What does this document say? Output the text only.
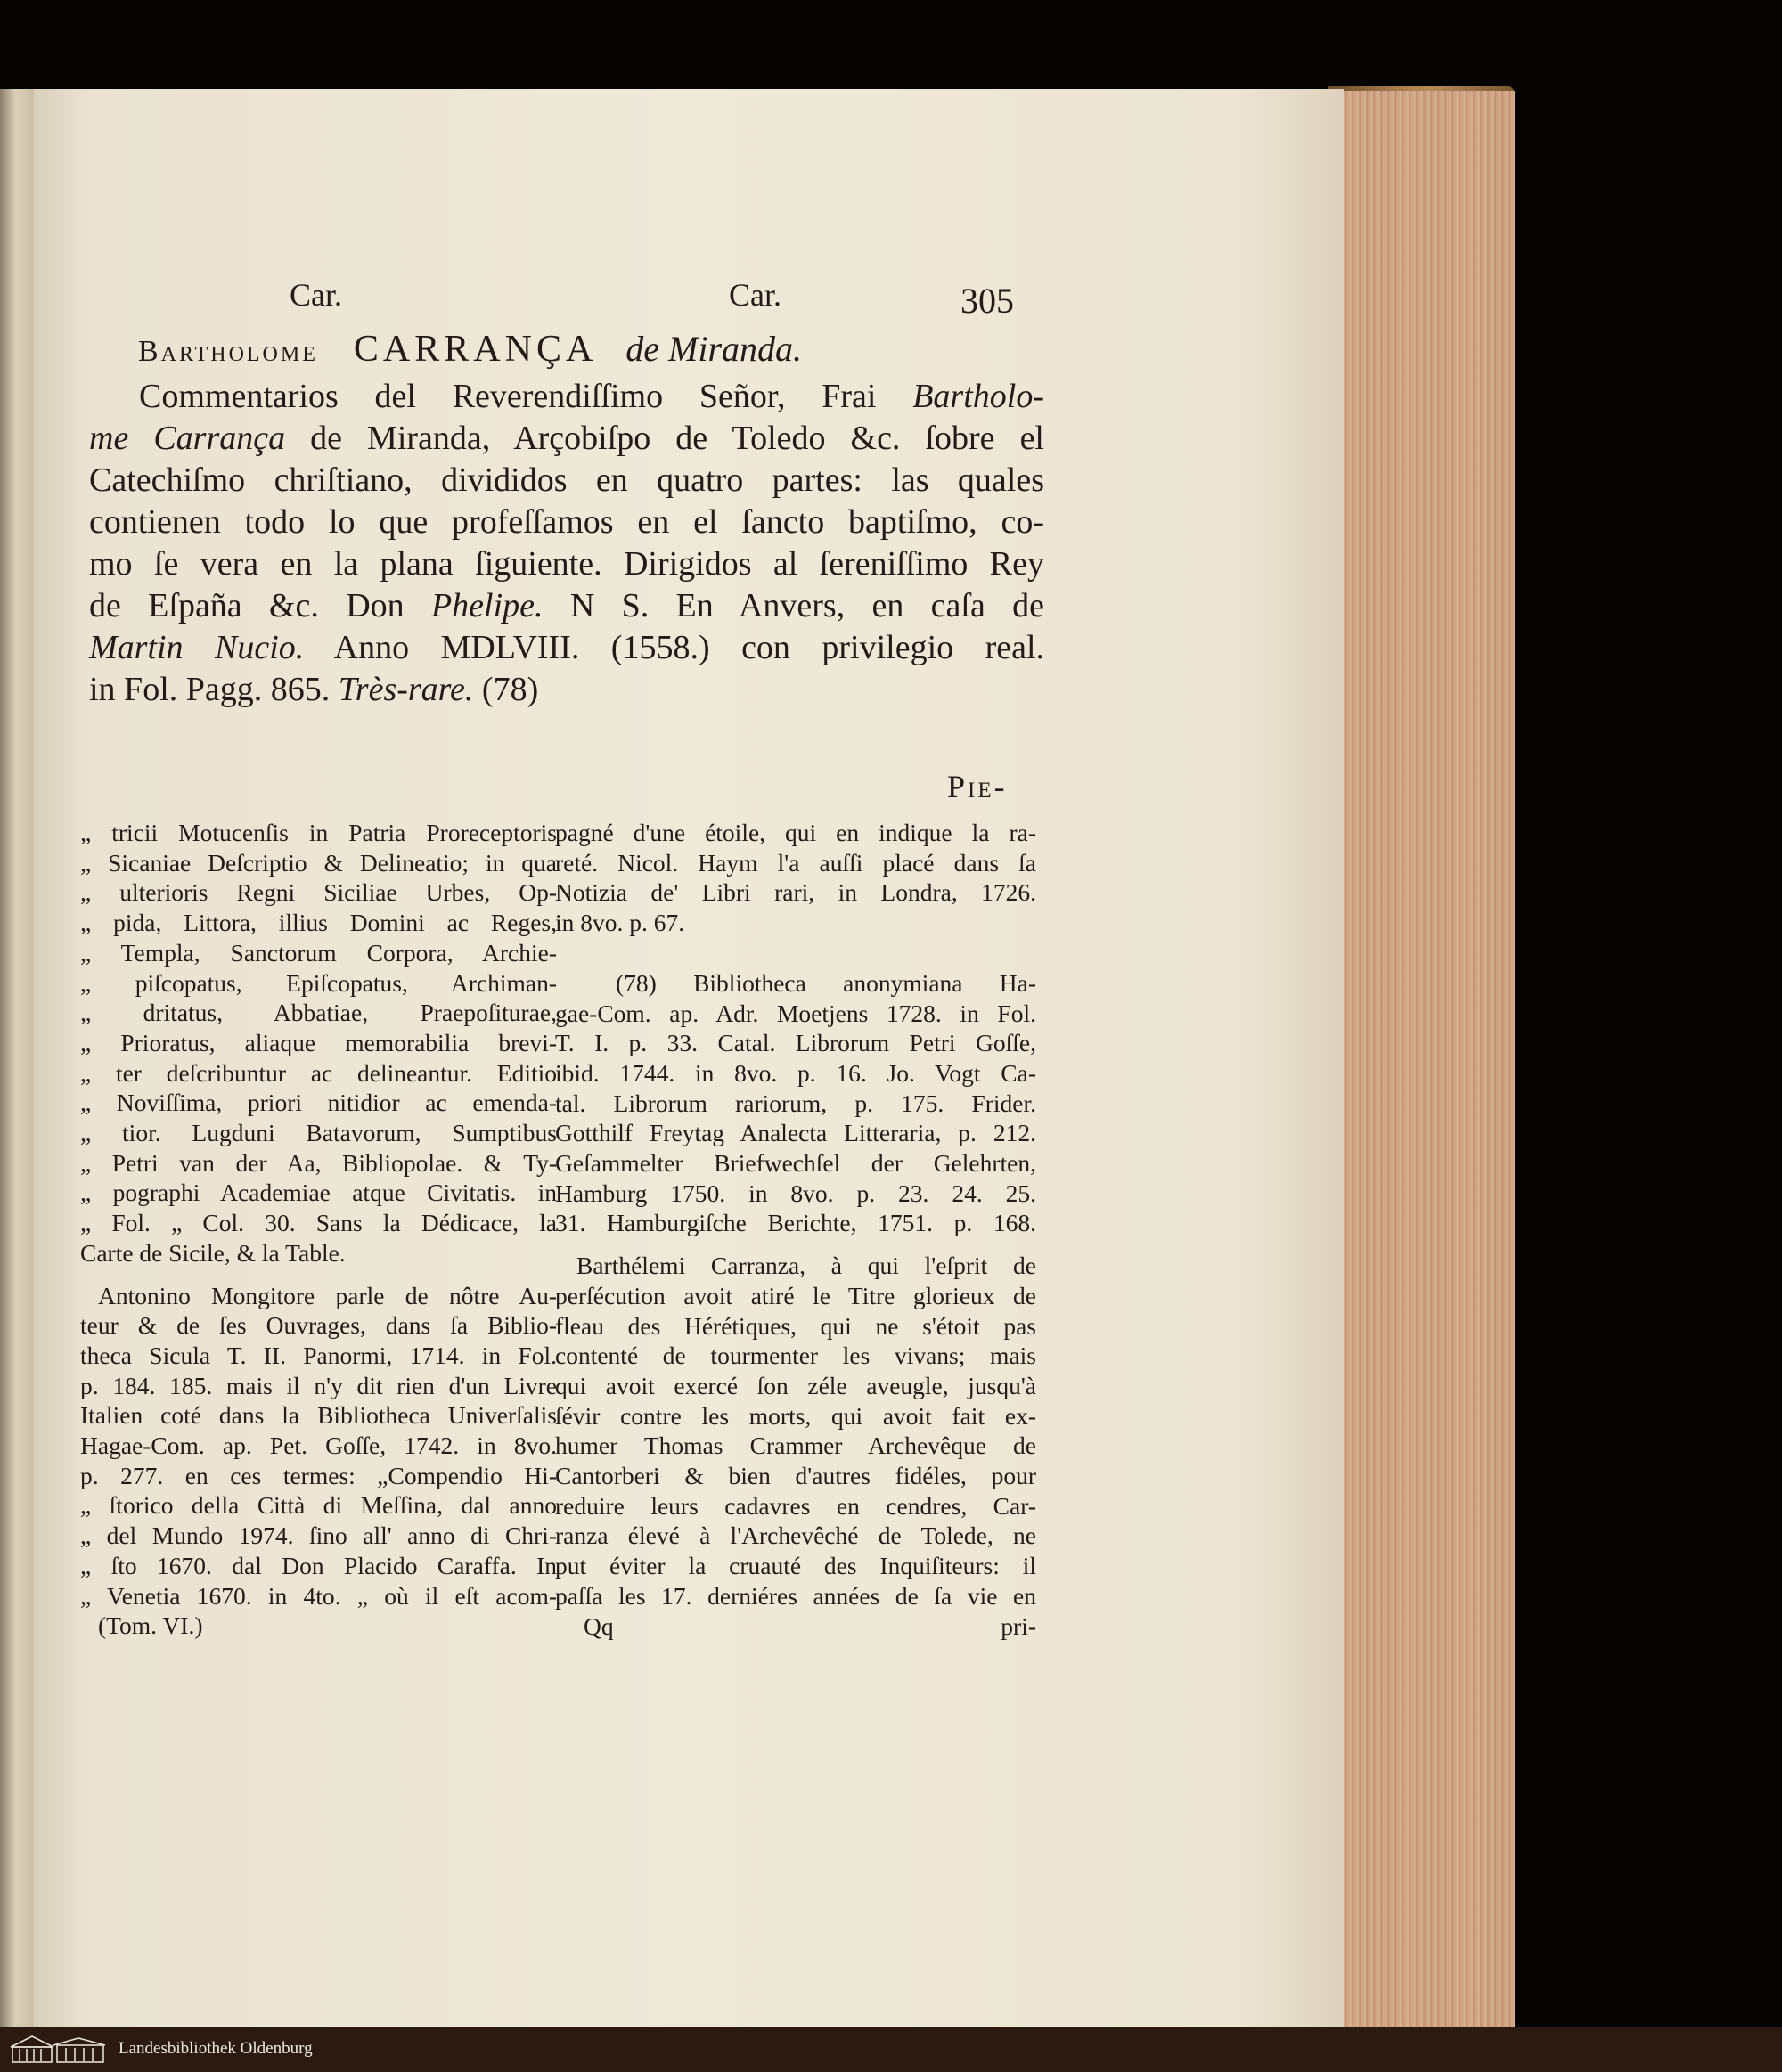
Car.	Car.	305
Bartholome CARRANÇA de Miranda.
Commentarios del Reverendiſſimo Señor, Frai Bartholo-
me Carrança de Miranda, Arçobiſpo de Toledo &c. ſobre el
Catechiſmo chriſtiano, divididos en quatro partes: las quales
contienen todo lo que profeſſamos en el ſancto baptiſmo, co-
mo ſe vera en la plana ſiguiente. Dirigidos al ſereniſſimo Rey
de Eſpaña &c. Don Phelipe. N S. En Anvers, en caſa de
Martin Nucio. Anno MDLVIII. (1558.) con privilegio real.
in Fol. Pagg. 865. Très-rare. (78)
Pie-
„ tricii Motucenſis in Patria Proreceptoris
„ Sicaniae Deſcriptio & Delineatio; in qua
„ ulterioris Regni Siciliae Urbes, Op-
„ pida, Littora, illius Domini ac Reges,
„ Templa, Sanctorum Corpora, Archie-
„ piſcopatus, Epiſcopatus, Archiman-
„ dritatus, Abbatiae, Praepoſiturae,
„ Prioratus, aliaque memorabilia brevi-
„ ter deſcribuntur ac delineantur. Editio
„ Noviſſima, priori nitidior ac emenda-
„ tior. Lugduni Batavorum, Sumptibus
„ Petri van der Aa, Bibliopolae. & Ty-
„ pographi Academiae atque Civitatis. in
„ Fol. „ Col. 30. Sans la Dédicace, la
Carte de Sicile, & la Table.
Antonino Mongitore parle de nôtre Au-
teur & de ſes Ouvrages, dans ſa Biblio-
theca Sicula T. II. Panormi, 1714. in Fol.
p. 184. 185. mais il n'y dit rien d'un Livre
Italien coté dans la Bibliotheca Univerſalis
Hagae-Com. ap. Pet. Goſſe, 1742. in 8vo.
p. 277. en ces termes: „Compendio Hi-
„ ſtorico della Città di Meſſina, dal anno
„ del Mundo 1974. ſino all' anno di Chri-
„ ſto 1670. dal Don Placido Caraffa. In
„ Venetia 1670. in 4to. „ où il eſt acom-
(Tom. VI.)
pagné d'une étoile, qui en indique la ra-
reté. Nicol. Haym l'a auſſi placé dans ſa
Notizia de' Libri rari, in Londra, 1726.
in 8vo. p. 67.
(78) Bibliotheca anonymiana Ha-
gae-Com. ap. Adr. Moetjens 1728. in Fol.
T. I. p. 33. Catal. Librorum Petri Goſſe,
ibid. 1744. in 8vo. p. 16. Jo. Vogt Ca-
tal. Librorum rariorum, p. 175. Frider.
Gotthilf Freytag Analecta Litteraria, p. 212.
Geſammelter Briefwechſel der Gelehrten,
Hamburg 1750. in 8vo. p. 23. 24. 25.
31. Hamburgiſche Berichte, 1751. p. 168.
Barthélemi Carranza, à qui l'eſprit de
perſécution avoit atiré le Titre glorieux de
fleau des Hérétiques, qui ne s'étoit pas
contenté de tourmenter les vivans; mais
qui avoit exercé ſon zéle aveugle, jusqu'à
ſévir contre les morts, qui avoit fait ex-
humer Thomas Crammer Archevêque de
Cantorberi & bien d'autres fidéles, pour
reduire leurs cadavres en cendres, Car-
ranza élevé à l'Archevêché de Tolede, ne
put éviter la cruauté des Inquiſiteurs: il
paſſa les 17. derniéres années de ſa vie en
Qq	pri-
Landesbibliothek Oldenburg
